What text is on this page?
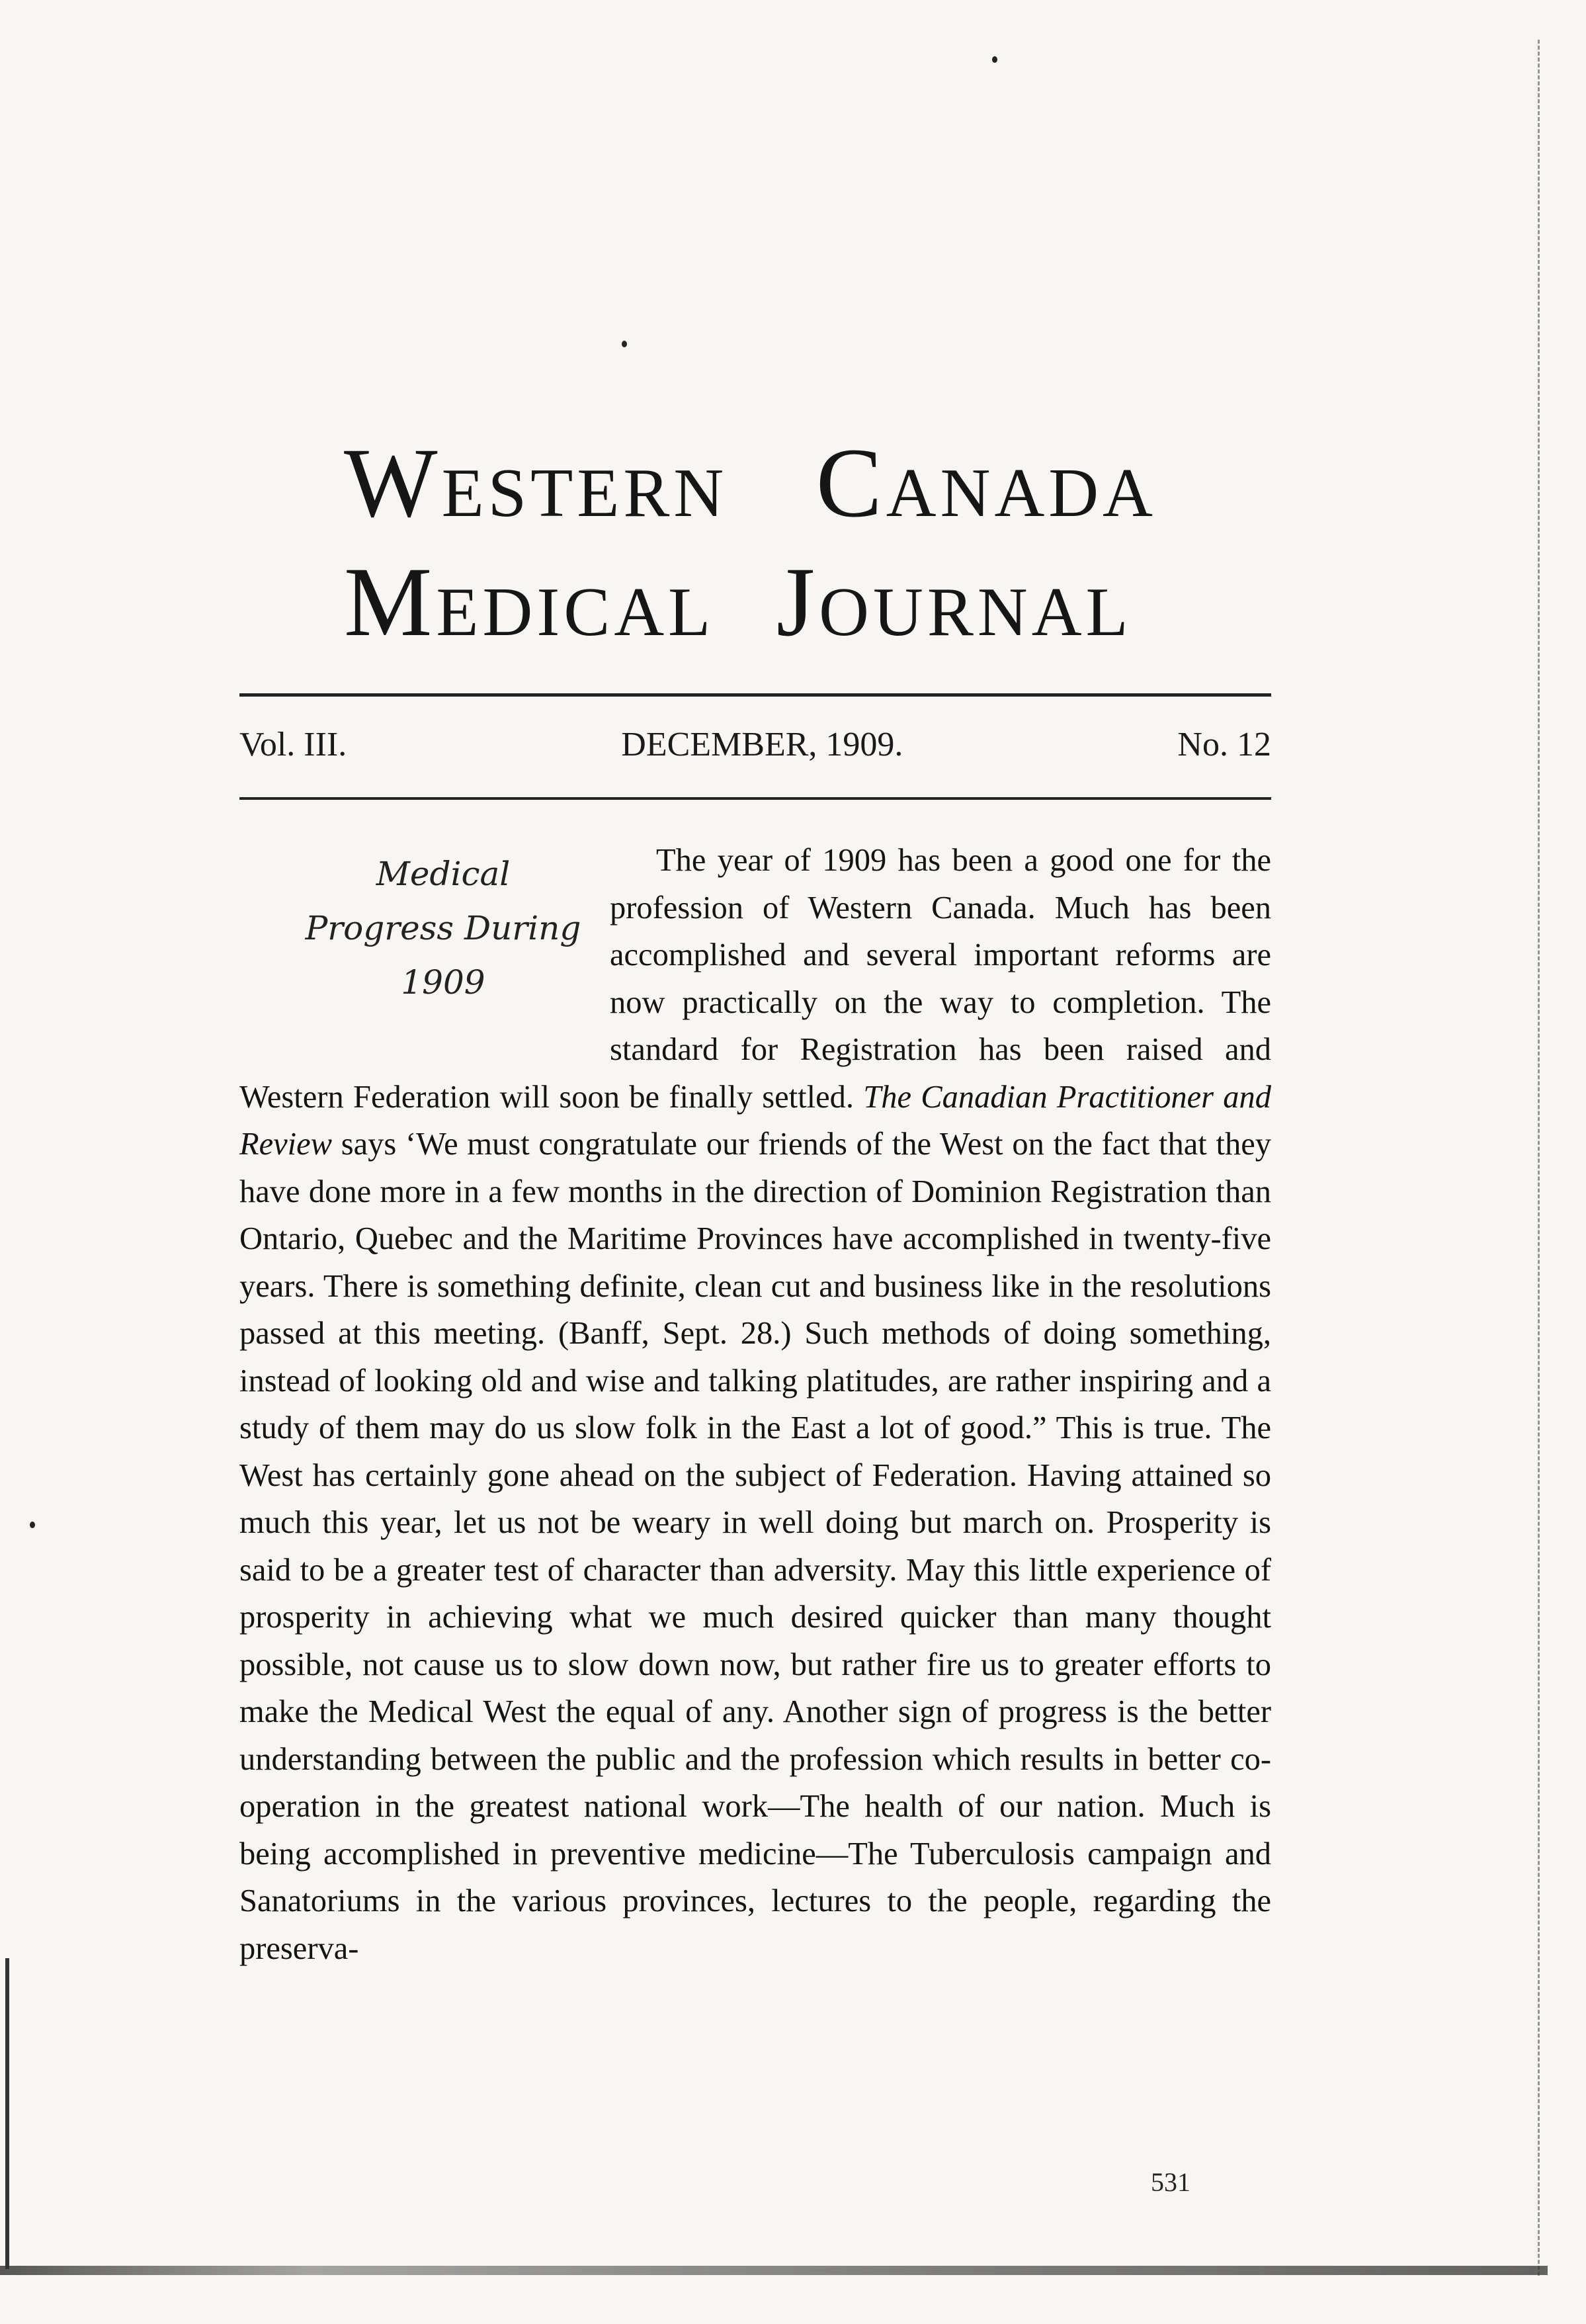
Western Canada
Medical Journal
Vol. III.	DECEMBER, 1909.	No. 12
Medical
Progress During
1909

The year of 1909 has been a good one for the profession of Western Canada. Much has been accomplished and several important reforms are now practically on the way to completion. The standard for Registration has been raised and Western Federation will soon be finally settled. The Canadian Practitioner and Review says ‘We must congratulate our friends of the West on the fact that they have done more in a few months in the direction of Dominion Registration than Ontario, Quebec and the Maritime Provinces have accomplished in twenty-five years. There is something definite, clean cut and business like in the resolutions passed at this meeting. (Banff, Sept. 28.) Such methods of doing something, instead of looking old and wise and talking platitudes, are rather inspiring and a study of them may do us slow folk in the East a lot of good.” This is true. The West has certainly gone ahead on the subject of Federation. Having attained so much this year, let us not be weary in well doing but march on. Prosperity is said to be a greater test of character than adversity. May this little experience of prosperity in achieving what we much desired quicker than many thought possible, not cause us to slow down now, but rather fire us to greater efforts to make the Medical West the equal of any. Another sign of progress is the better understanding between the public and the profession which results in better co-operation in the greatest national work—The health of our nation. Much is being accomplished in preventive medicine—The Tuberculosis campaign and Sanatoriums in the various provinces, lectures to the people, regarding the preserva-

531
